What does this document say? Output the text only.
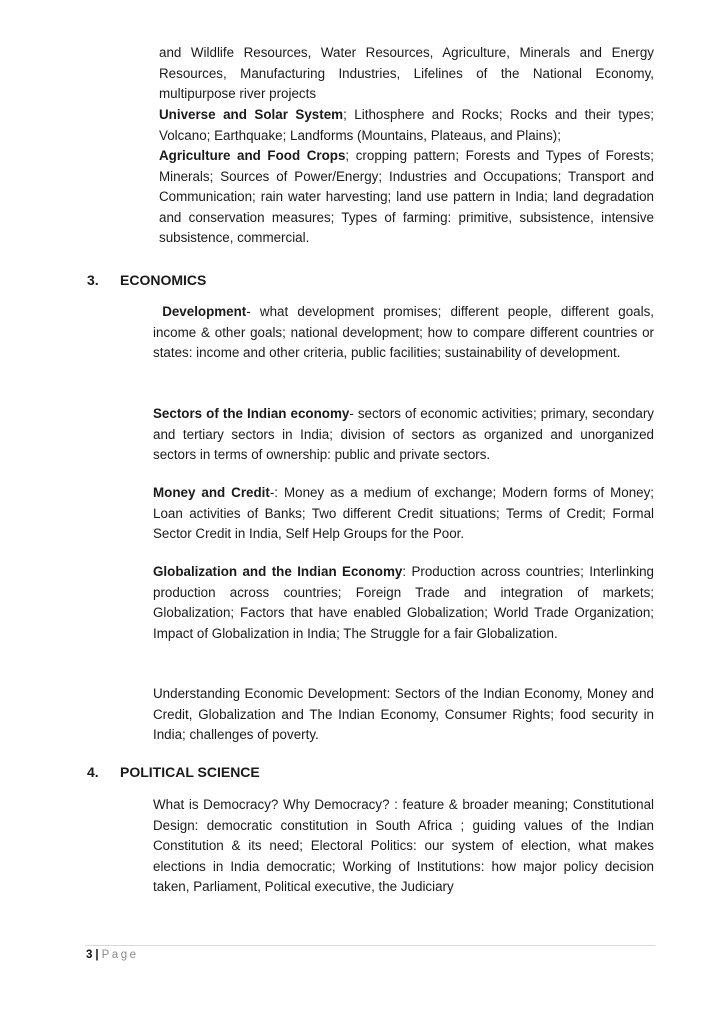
and Wildlife Resources, Water Resources, Agriculture, Minerals and Energy Resources, Manufacturing Industries, Lifelines of the National Economy, multipurpose river projects

Universe and Solar System; Lithosphere and Rocks; Rocks and their types; Volcano; Earthquake; Landforms (Mountains, Plateaus, and Plains);

Agriculture and Food Crops; cropping pattern; Forests and Types of Forests; Minerals; Sources of Power/Energy; Industries and Occupations; Transport and Communication; rain water harvesting; land use pattern in India; land degradation and conservation measures; Types of farming: primitive, subsistence, intensive subsistence, commercial.

3. ECONOMICS

Development- what development promises; different people, different goals, income & other goals; national development; how to compare different countries or states: income and other criteria, public facilities; sustainability of development.

Sectors of the Indian economy- sectors of economic activities; primary, secondary and tertiary sectors in India; division of sectors as organized and unorganized sectors in terms of ownership: public and private sectors.

Money and Credit-: Money as a medium of exchange; Modern forms of Money; Loan activities of Banks; Two different Credit situations; Terms of Credit; Formal Sector Credit in India, Self Help Groups for the Poor.

Globalization and the Indian Economy: Production across countries; Interlinking production across countries; Foreign Trade and integration of markets; Globalization; Factors that have enabled Globalization; World Trade Organization; Impact of Globalization in India; The Struggle for a fair Globalization.

Understanding Economic Development: Sectors of the Indian Economy, Money and Credit, Globalization and The Indian Economy, Consumer Rights; food security in India; challenges of poverty.

4. POLITICAL SCIENCE

What is Democracy? Why Democracy? : feature & broader meaning; Constitutional Design: democratic constitution in South Africa ; guiding values of the Indian Constitution & its need; Electoral Politics: our system of election, what makes elections in India democratic; Working of Institutions: how major policy decision taken, Parliament, Political executive, the Judiciary

3 | Page
